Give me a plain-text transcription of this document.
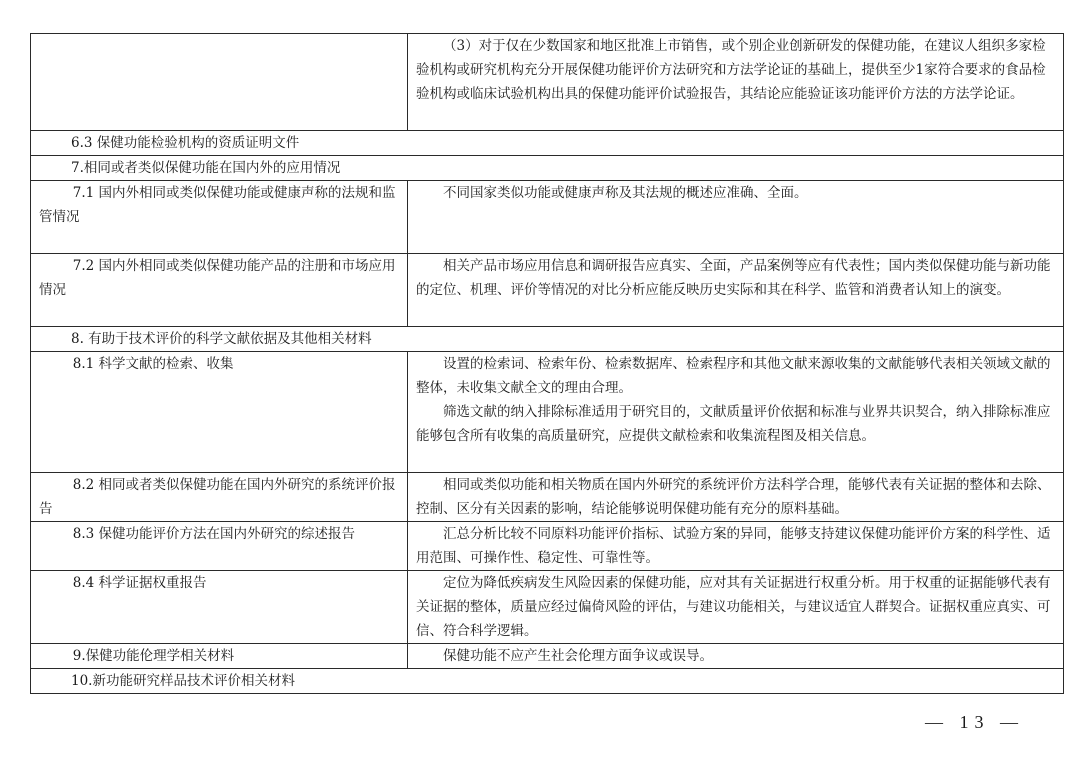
	（3）对于仅在少数国家和地区批准上市销售，或个别企业创新研发的保健功能，在建议人组织多家检验机构或研究机构充分开展保健功能评价方法研究和方法学论证的基础上，提供至少1家符合要求的食品检验机构或临床试验机构出具的保健功能评价试验报告，其结论应能验证该功能评价方法的方法学论证。

6.3 保健功能检验机构的资质证明文件	
7.相同或者类似保健功能在国内外的应用情况	

7.1 国内外相同或类似保健功能或健康声称的法规和监管情况	不同国家类似功能或健康声称及其法规的概述应准确、全面。

7.2 国内外相同或类似保健功能产品的注册和市场应用情况	相关产品市场应用信息和调研报告应真实、全面，产品案例等应有代表性；国内类似保健功能与新功能的定位、机理、评价等情况的对比分析应能反映历史实际和其在科学、监管和消费者认知上的演变。

8. 有助于技术评价的科学文献依据及其他相关材料	

8.1 科学文献的检索、收集	设置的检索词、检索年份、检索数据库、检索程序和其他文献来源收集的文献能够代表相关领域文献的整体，未收集文献全文的理由合理。
筛选文献的纳入排除标准适用于研究目的，文献质量评价依据和标准与业界共识契合，纳入排除标准应能够包含所有收集的高质量研究，应提供文献检索和收集流程图及相关信息。

8.2 相同或者类似保健功能在国内外研究的系统评价报告	相同或类似功能和相关物质在国内外研究的系统评价方法科学合理，能够代表有关证据的整体和去除、控制、区分有关因素的影响，结论能够说明保健功能有充分的原料基础。

8.3 保健功能评价方法在国内外研究的综述报告	汇总分析比较不同原料功能评价指标、试验方案的异同，能够支持建议保健功能评价方案的科学性、适用范围、可操作性、稳定性、可靠性等。

8.4 科学证据权重报告	定位为降低疾病发生风险因素的保健功能，应对其有关证据进行权重分析。用于权重的证据能够代表有关证据的整体，质量应经过偏倚风险的评估，与建议功能相关，与建议适宜人群契合。证据权重应真实、可信、符合科学逻辑。

9.保健功能伦理学相关材料	保健功能不应产生社会伦理方面争议或误导。

10.新功能研究样品技术评价相关材料	
— 13 —
